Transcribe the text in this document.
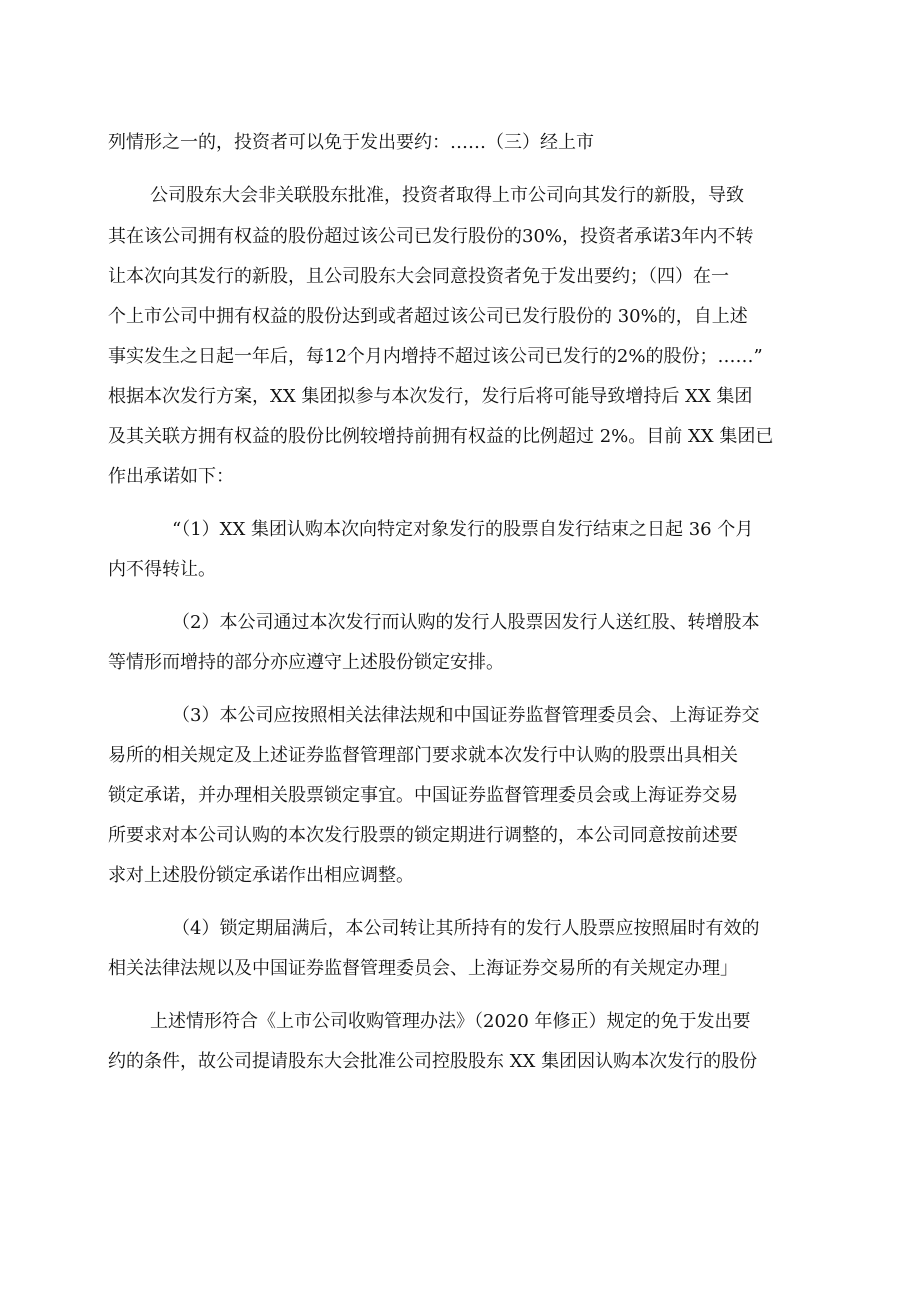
列情形之一的，投资者可以免于发出要约：……（三）经上市
公司股东大会非关联股东批准，投资者取得上市公司向其发行的新股，导致
其在该公司拥有权益的股份超过该公司已发行股份的30%，投资者承诺3年内不转
让本次向其发行的新股，且公司股东大会同意投资者免于发出要约；（四）在一
个上市公司中拥有权益的股份达到或者超过该公司已发行股份的 30%的，自上述
事实发生之日起一年后，每12个月内增持不超过该公司已发行的2%的股份；……”
根据本次发行方案，XX 集团拟参与本次发行，发行后将可能导致增持后 XX 集团
及其关联方拥有权益的股份比例较增持前拥有权益的比例超过 2%。目前 XX 集团已
作出承诺如下：
“（1）XX 集团认购本次向特定对象发行的股票自发行结束之日起 36 个月
内不得转让。
（2）本公司通过本次发行而认购的发行人股票因发行人送红股、转增股本
等情形而增持的部分亦应遵守上述股份锁定安排。
（3）本公司应按照相关法律法规和中国证券监督管理委员会、上海证券交
易所的相关规定及上述证券监督管理部门要求就本次发行中认购的股票出具相关
锁定承诺，并办理相关股票锁定事宜。中国证券监督管理委员会或上海证券交易
所要求对本公司认购的本次发行股票的锁定期进行调整的，本公司同意按前述要
求对上述股份锁定承诺作出相应调整。
（4）锁定期届满后，本公司转让其所持有的发行人股票应按照届时有效的
相关法律法规以及中国证券监督管理委员会、上海证券交易所的有关规定办理」
上述情形符合《上市公司收购管理办法》（2020 年修正）规定的免于发出要
约的条件，故公司提请股东大会批准公司控股股东 XX 集团因认购本次发行的股份
